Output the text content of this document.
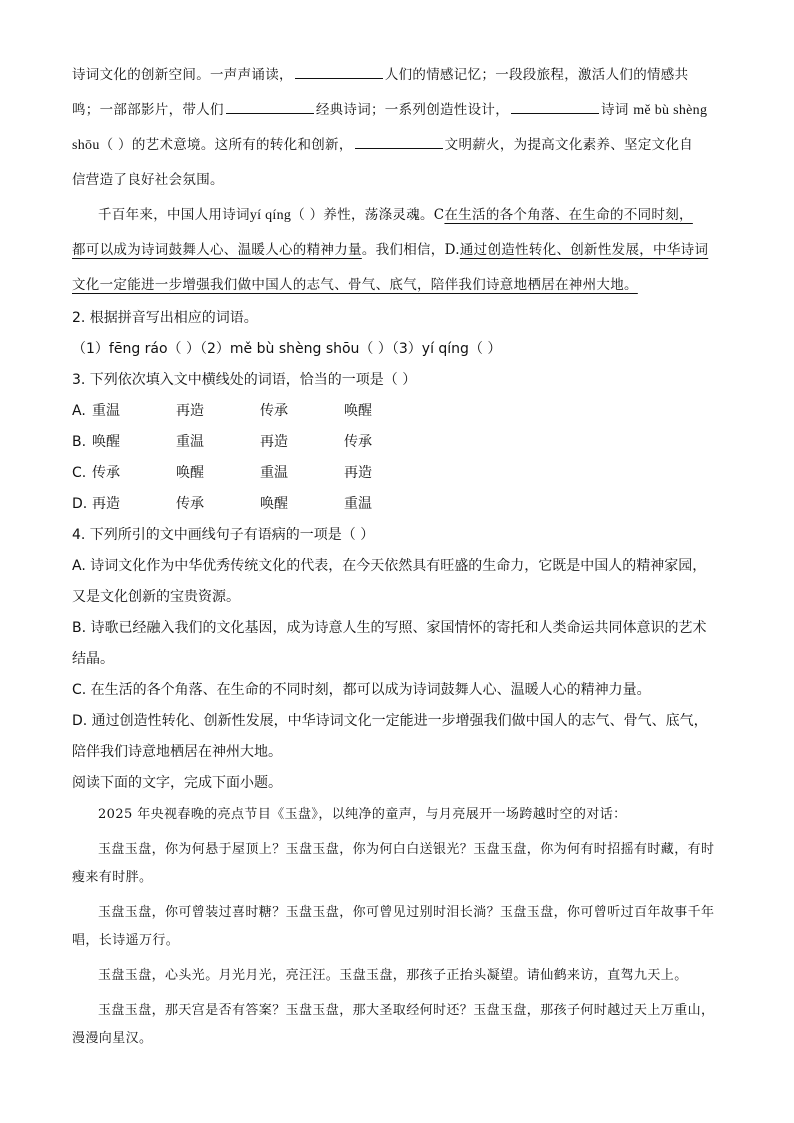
诗词文化的创新空间。一声声诵读，	人们的情感记忆；一段段旅程，激活人们的情感共
鸣；一部部影片，带人们	经典诗词；一系列创造性设计，	诗词 mě bù shèng
shōu（ ）的艺术意境。这所有的转化和创新，	文明薪火，为提高文化素养、坚定文化自
信营造了良好社会氛围。
千百年来，中国人用诗词yí qíng（ ）养性，荡涤灵魂。C在生活的各个角落、在生命的不同时刻，
都可以成为诗词鼓舞人心、温暖人心的精神力量。我们相信，D.通过创造性转化、创新性发展，中华诗词
文化一定能进一步增强我们做中国人的志气、骨气、底气，陪伴我们诗意地栖居在神州大地。
2. 根据拼音写出相应的词语。
（1）fēng ráo（ ）（2）mě bù shèng shōu（ ）（3）yí qíng（ ）
3. 下列依次填入文中横线处的词语，恰当的一项是（ ）
A. 重温	再造	传承	唤醒
B. 唤醒	重温	再造	传承
C. 传承	唤醒	重温	再造
D. 再造	传承	唤醒	重温
4. 下列所引的文中画线句子有语病的一项是（ ）
A. 诗词文化作为中华优秀传统文化的代表，在今天依然具有旺盛的生命力，它既是中国人的精神家园，
又是文化创新的宝贵资源。
B. 诗歌已经融入我们的文化基因，成为诗意人生的写照、家国情怀的寄托和人类命运共同体意识的艺术
结晶。
C. 在生活的各个角落、在生命的不同时刻，都可以成为诗词鼓舞人心、温暖人心的精神力量。
D. 通过创造性转化、创新性发展，中华诗词文化一定能进一步增强我们做中国人的志气、骨气、底气，
陪伴我们诗意地栖居在神州大地。
阅读下面的文字，完成下面小题。

2025 年央视春晚的亮点节目《玉盘》，以纯净的童声，与月亮展开一场跨越时空的对话：

玉盘玉盘，你为何悬于屋顶上？玉盘玉盘，你为何白白送银光？玉盘玉盘，你为何有时招摇有时藏，有时瘦来有时胖。

玉盘玉盘，你可曾装过喜时糖？玉盘玉盘，你可曾见过别时泪长淌？玉盘玉盘，你可曾听过百年故事千年唱，长诗遥万行。

玉盘玉盘，心头光。月光月光，亮汪汪。玉盘玉盘，那孩子正抬头凝望。请仙鹤来访，直驾九天上。

玉盘玉盘，那天宫是否有答案？玉盘玉盘，那大圣取经何时还？玉盘玉盘，那孩子何时越过天上万重山，漫漫向星汉。
